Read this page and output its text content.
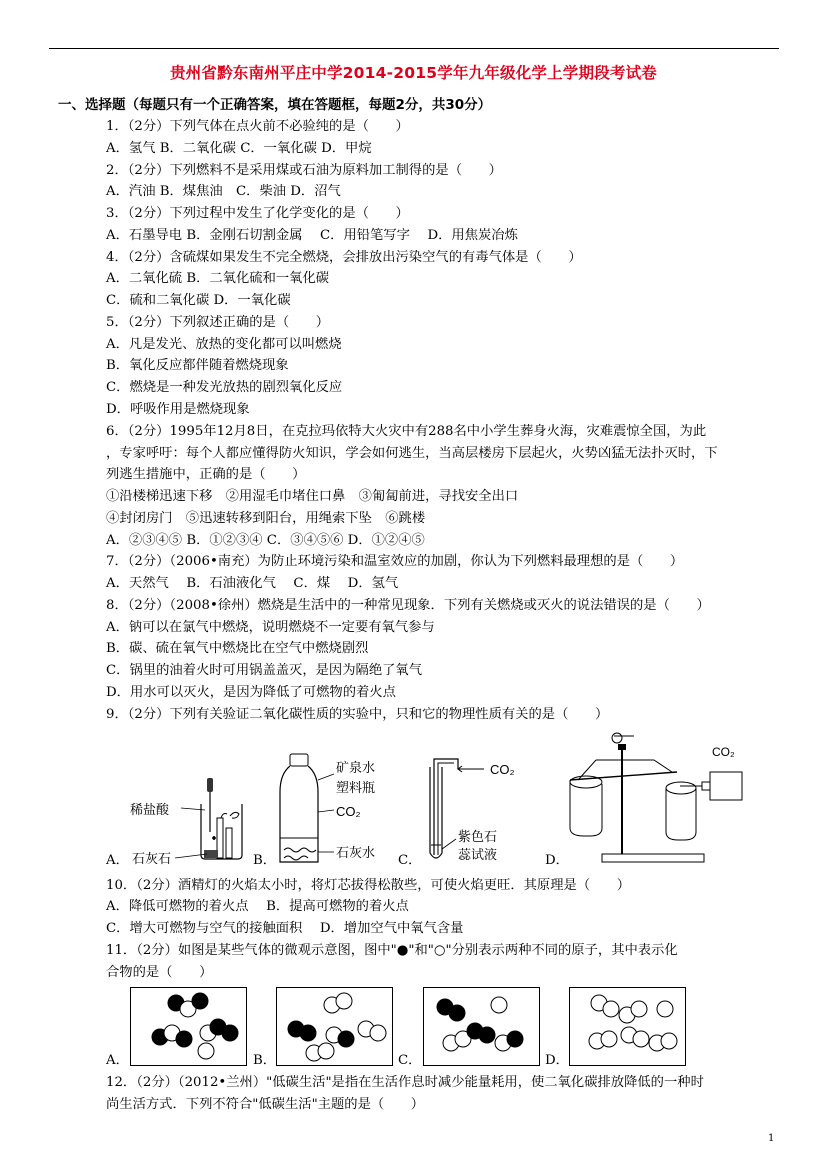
贵州省黔东南州平庄中学2014-2015学年九年级化学上学期段考试卷
一、选择题（每题只有一个正确答案，填在答题框，每题2分，共30分）
1．（2分）下列气体在点火前不必验纯的是（　　）
A．氢气 B．二氧化碳 C．一氧化碳 D．甲烷
2．（2分）下列燃料不是采用煤或石油为原料加工制得的是（　　）
A．汽油 B．煤焦油　C．柴油 D．沼气
3．（2分）下列过程中发生了化学变化的是（　　）
A．石墨导电 B．金刚石切割金属　 C．用铅笔写字　 D．用焦炭冶炼
4．（2分）含硫煤如果发生不完全燃烧，会排放出污染空气的有毒气体是（　　）
A．二氧化硫 B．二氧化硫和一氧化碳
C．硫和二氧化碳 D．一氧化碳
5．（2分）下列叙述正确的是（　　）
A．凡是发光、放热的变化都可以叫燃烧
B．氧化反应都伴随着燃烧现象
C．燃烧是一种发光放热的剧烈氧化反应
D．呼吸作用是燃烧现象
6．（2分）1995年12月8日，在克拉玛依特大火灾中有288名中小学生葬身火海，灾难震惊全国，为此
，专家呼吁：每个人都应懂得防火知识，学会如何逃生，当高层楼房下层起火，火势凶猛无法扑灭时，下
列逃生措施中，正确的是（　　）
①沿楼梯迅速下移　②用湿毛巾堵住口鼻　③匍匐前进，寻找安全出口
④封闭房门　⑤迅速转移到阳台，用绳索下坠　⑥跳楼
A．②③④⑤ B．①②③④ C．③④⑤⑥ D．①②④⑤
7．（2分）（2006•南充）为防止环境污染和温室效应的加剧，你认为下列燃料最理想的是（　　）
A．天然气　 B．石油液化气　 C．煤　 D．氢气
8．（2分）（2008•徐州）燃烧是生活中的一种常见现象．下列有关燃烧或灭火的说法错误的是（　　）
A．钠可以在氯气中燃烧，说明燃烧不一定要有氧气参与
B．碳、硫在氧气中燃烧比在空气中燃烧剧烈
C．锅里的油着火时可用锅盖盖灭，是因为隔绝了氧气
D．用水可以灭火，是因为降低了可燃物的着火点
9．（2分）下列有关验证二氧化碳性质的实验中，只和它的物理性质有关的是（　　）
A．	B．	C．	D．
稀盐酸
石灰石
矿泉水
塑料瓶
CO₂
石灰水
CO₂
紫色石
蕊试液
CO₂
10．（2分）酒精灯的火焰太小时，将灯芯拔得松散些，可使火焰更旺．其原理是（　　）
A．降低可燃物的着火点　 B．提高可燃物的着火点
C．增大可燃物与空气的接触面积　 D．增加空气中氧气含量
11．（2分）如图是某些气体的微观示意图，图中"●"和"○"分别表示两种不同的原子，其中表示化
合物的是（　　）
A．	B．	C．	D．
12．（2分）（2012•兰州）"低碳生活"是指在生活作息时减少能量耗用，使二氧化碳排放降低的一种时
尚生活方式．下列不符合"低碳生活"主题的是（　　）
1
